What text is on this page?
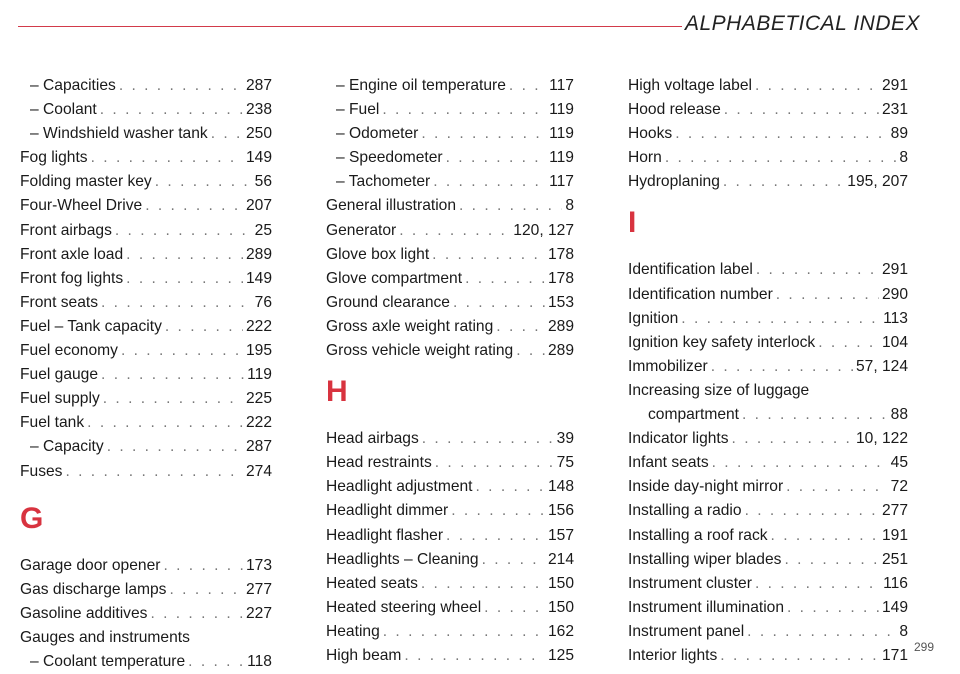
ALPHABETICAL INDEX
– Capacities . . .	287
– Coolant . . .	238
– Windshield washer tank . . . 250
Fog lights . . .	149
Folding master key . . .	56
Four-Wheel Drive . . .	207
Front airbags . . .	25
Front axle load . . .	289
Front fog lights . . .	149
Front seats . . .	76
Fuel – Tank capacity . . .	222
Fuel economy . . .	195
Fuel gauge . . .	119
Fuel supply . . .	225
Fuel tank . . .	222
– Capacity . . .	287
Fuses . . .	274
G
Garage door opener . . .	173
Gas discharge lamps . . .	277
Gasoline additives . . .	227
Gauges and instruments
– Coolant temperature . . .	118
– Engine oil temperature . . .	117
– Fuel . . .	119
– Odometer . . .	119
– Speedometer . . .	119
– Tachometer . . .	117
General illustration . . .	8
Generator . . .	120, 127
Glove box light . . .	178
Glove compartment . . .	178
Ground clearance . . .	153
Gross axle weight rating . . .	289
Gross vehicle weight rating . . . 289
H
Head airbags . . .	39
Head restraints . . .	75
Headlight adjustment . . .	148
Headlight dimmer . . .	156
Headlight flasher . . .	157
Headlights – Cleaning . . .	214
Heated seats . . .	150
Heated steering wheel . . .	150
Heating . . .	162
High beam . . .	125
High voltage label . . .	291
Hood release . . .	231
Hooks . . .	89
Horn . . .	8
Hydroplaning . . .	195, 207
I
Identification label . . .	291
Identification number . . .	290
Ignition . . .	113
Ignition key safety interlock . . .	104
Immobilizer . . .	57, 124
Increasing size of luggage
compartment . . .	88
Indicator lights . . .	10, 122
Infant seats . . .	45
Inside day-night mirror . . .	72
Installing a radio . . .	277
Installing a roof rack . . .	191
Installing wiper blades . . .	251
Instrument cluster . . .	116
Instrument illumination . . .	149
Instrument panel . . .	8
Interior lights . . .	171 299
